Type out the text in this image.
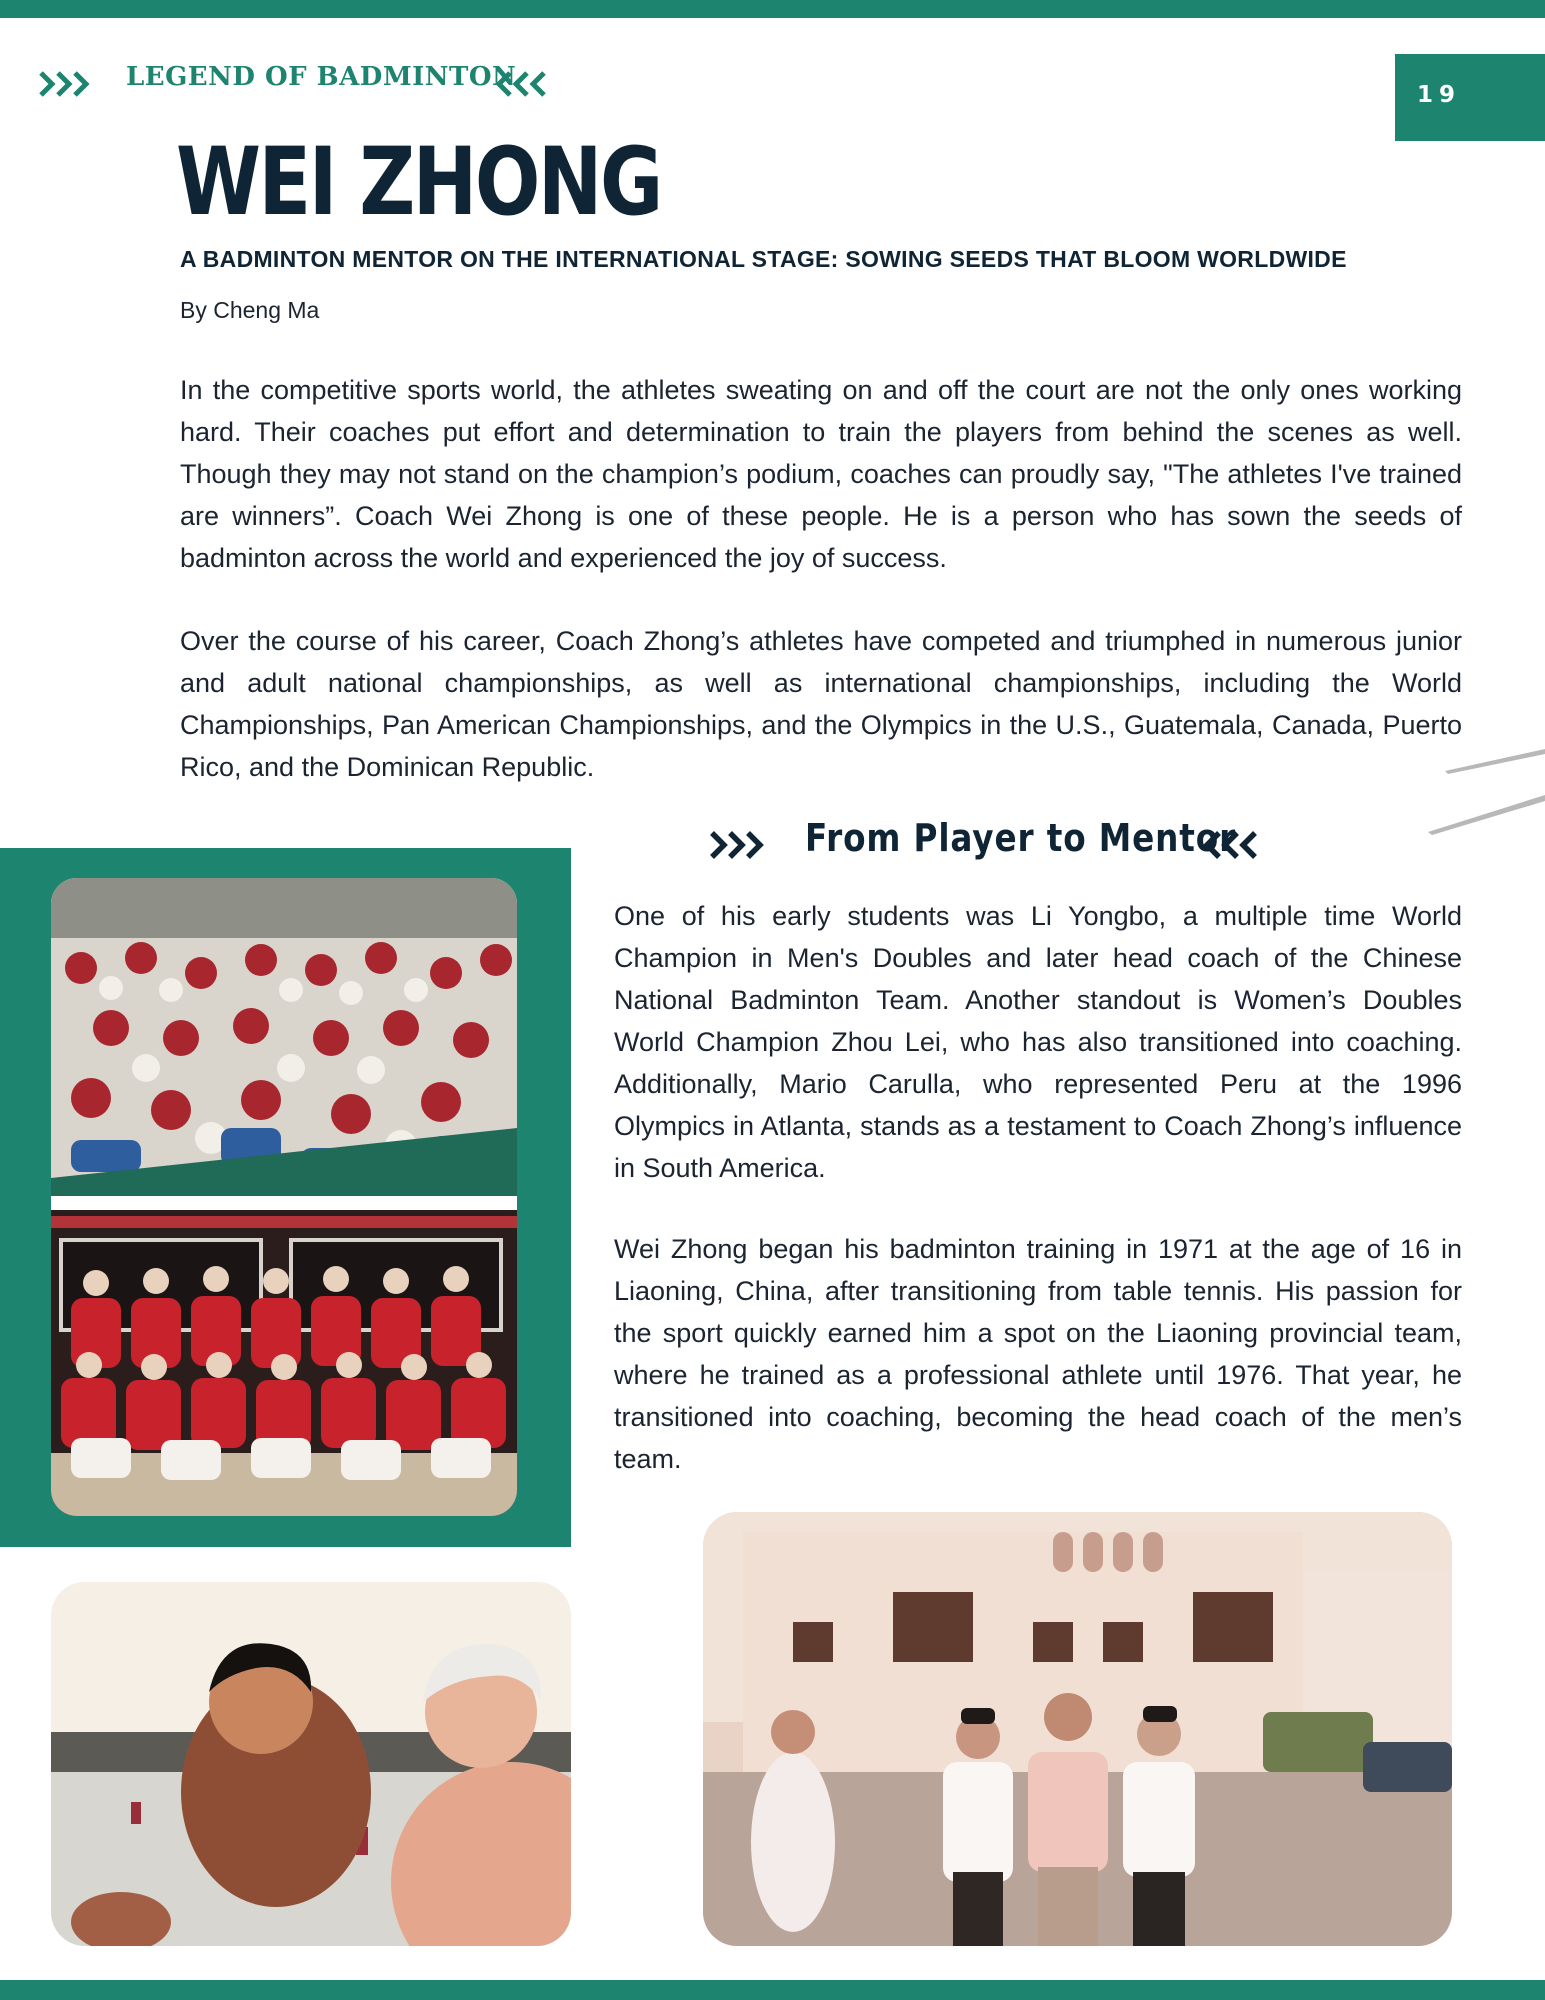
LEGEND OF BADMINTON
19
WEI ZHONG
A BADMINTON MENTOR ON THE INTERNATIONAL STAGE: SOWING SEEDS THAT BLOOM WORLDWIDE
By Cheng Ma

In the competitive sports world, the athletes sweating on and off the court are not the only ones working hard. Their coaches put effort and determination to train the players from behind the scenes as well. Though they may not stand on the champion’s podium, coaches can proudly say, "The athletes I've trained are winners”. Coach Wei Zhong is one of these people. He is a person who has sown the seeds of badminton across the world and experienced the joy of success.

Over the course of his career, Coach Zhong’s athletes have competed and triumphed in numerous junior and adult national championships, as well as international championships, including the World Championships, Pan American Championships, and the Olympics in the U.S., Guatemala, Canada, Puerto Rico, and the Dominican Republic.

From Player to Mentor

One of his early students was Li Yongbo, a multiple time World Champion in Men's Doubles and later head coach of the Chinese National Badminton Team. Another standout is Women’s Doubles World Champion Zhou Lei, who has also transitioned into coaching. Additionally, Mario Carulla, who represented Peru at the 1996 Olympics in Atlanta, stands as a testament to Coach Zhong’s influence in South America.

Wei Zhong began his badminton training in 1971 at the age of 16 in Liaoning, China, after transitioning from table tennis. His passion for the sport quickly earned him a spot on the Liaoning provincial team, where he trained as a professional athlete until 1976. That year, he transitioned into coaching, becoming the head coach of the men’s team.
